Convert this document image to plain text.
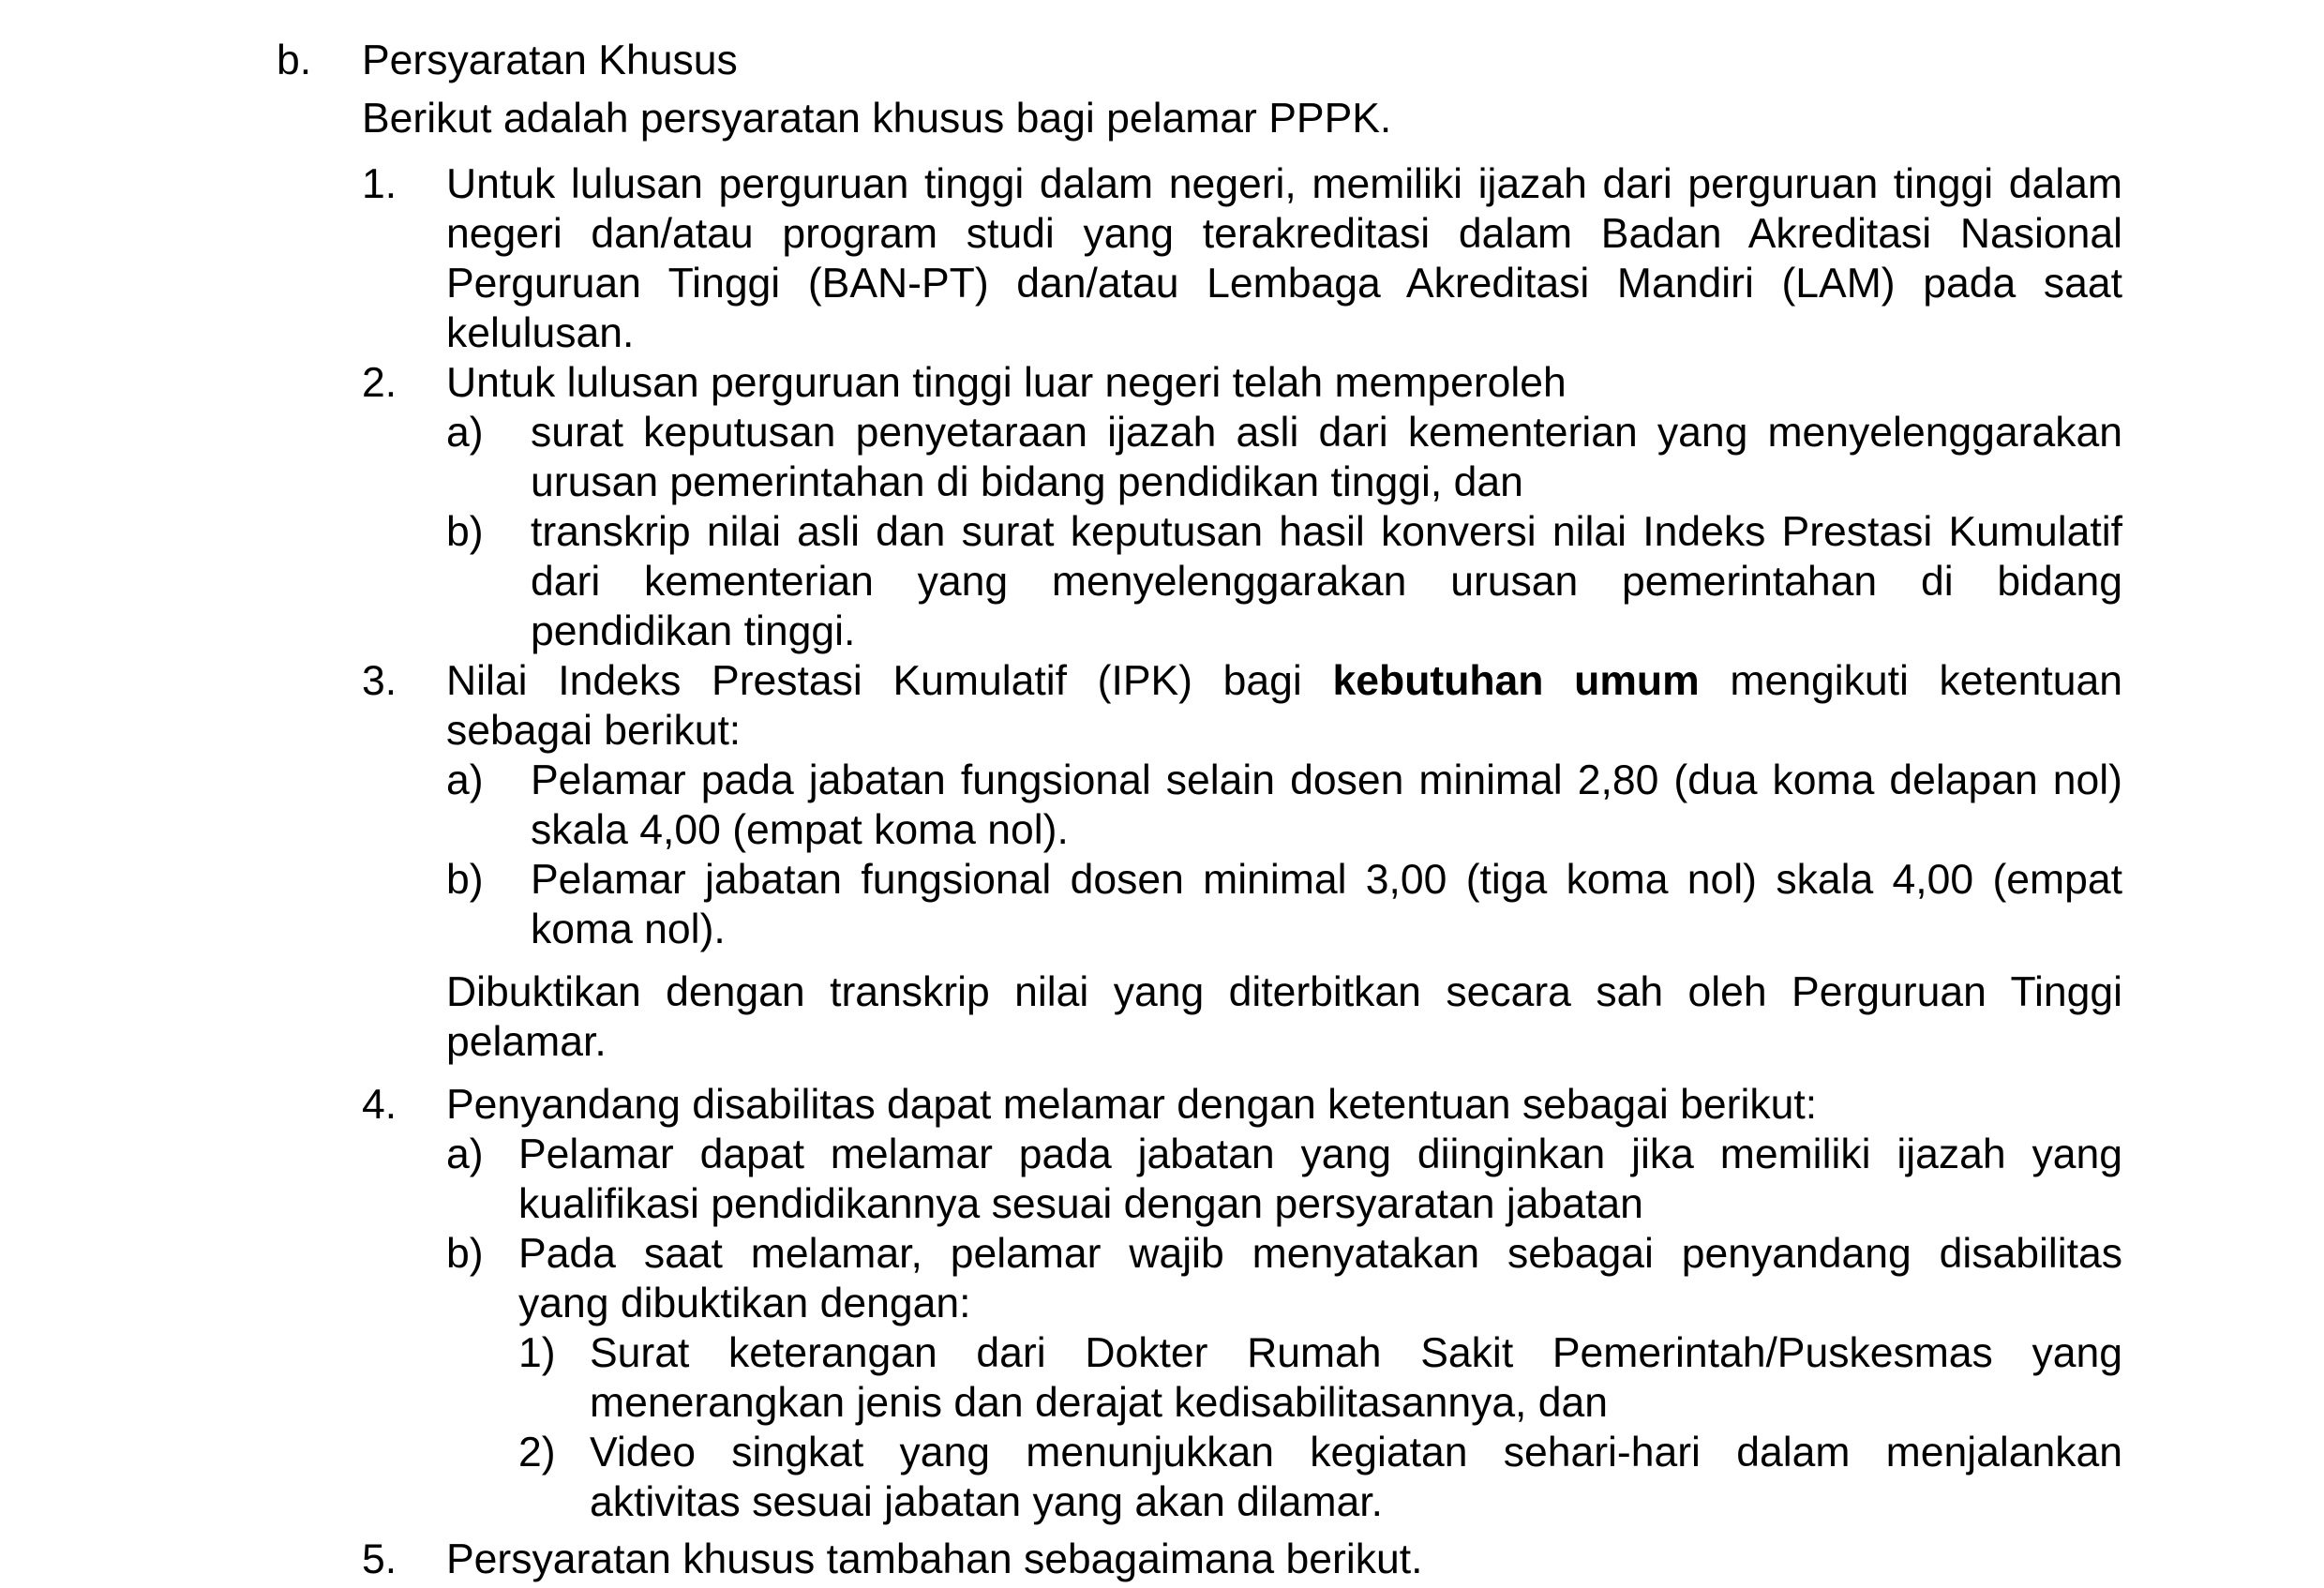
b. Persyaratan Khusus
Berikut adalah persyaratan khusus bagi pelamar PPPK.
1. Untuk lulusan perguruan tinggi dalam negeri, memiliki ijazah dari perguruan tinggi dalam
negeri dan/atau program studi yang terakreditasi dalam Badan Akreditasi Nasional
Perguruan Tinggi (BAN-PT) dan/atau Lembaga Akreditasi Mandiri (LAM) pada saat
kelulusan.
2. Untuk lulusan perguruan tinggi luar negeri telah memperoleh
a) surat keputusan penyetaraan ijazah asli dari kementerian yang menyelenggarakan
urusan pemerintahan di bidang pendidikan tinggi, dan
b) transkrip nilai asli dan surat keputusan hasil konversi nilai Indeks Prestasi Kumulatif
dari kementerian yang menyelenggarakan urusan pemerintahan di bidang
pendidikan tinggi.
3. Nilai Indeks Prestasi Kumulatif (IPK) bagi kebutuhan umum mengikuti ketentuan
sebagai berikut:
a) Pelamar pada jabatan fungsional selain dosen minimal 2,80 (dua koma delapan nol)
skala 4,00 (empat koma nol).
b) Pelamar jabatan fungsional dosen minimal 3,00 (tiga koma nol) skala 4,00 (empat
koma nol).
Dibuktikan dengan transkrip nilai yang diterbitkan secara sah oleh Perguruan Tinggi
pelamar.
4. Penyandang disabilitas dapat melamar dengan ketentuan sebagai berikut:
a) Pelamar dapat melamar pada jabatan yang diinginkan jika memiliki ijazah yang
kualifikasi pendidikannya sesuai dengan persyaratan jabatan
b) Pada saat melamar, pelamar wajib menyatakan sebagai penyandang disabilitas
yang dibuktikan dengan:
1) Surat keterangan dari Dokter Rumah Sakit Pemerintah/Puskesmas yang
menerangkan jenis dan derajat kedisabilitasannya, dan
2) Video singkat yang menunjukkan kegiatan sehari-hari dalam menjalankan
aktivitas sesuai jabatan yang akan dilamar.
5. Persyaratan khusus tambahan sebagaimana berikut.
